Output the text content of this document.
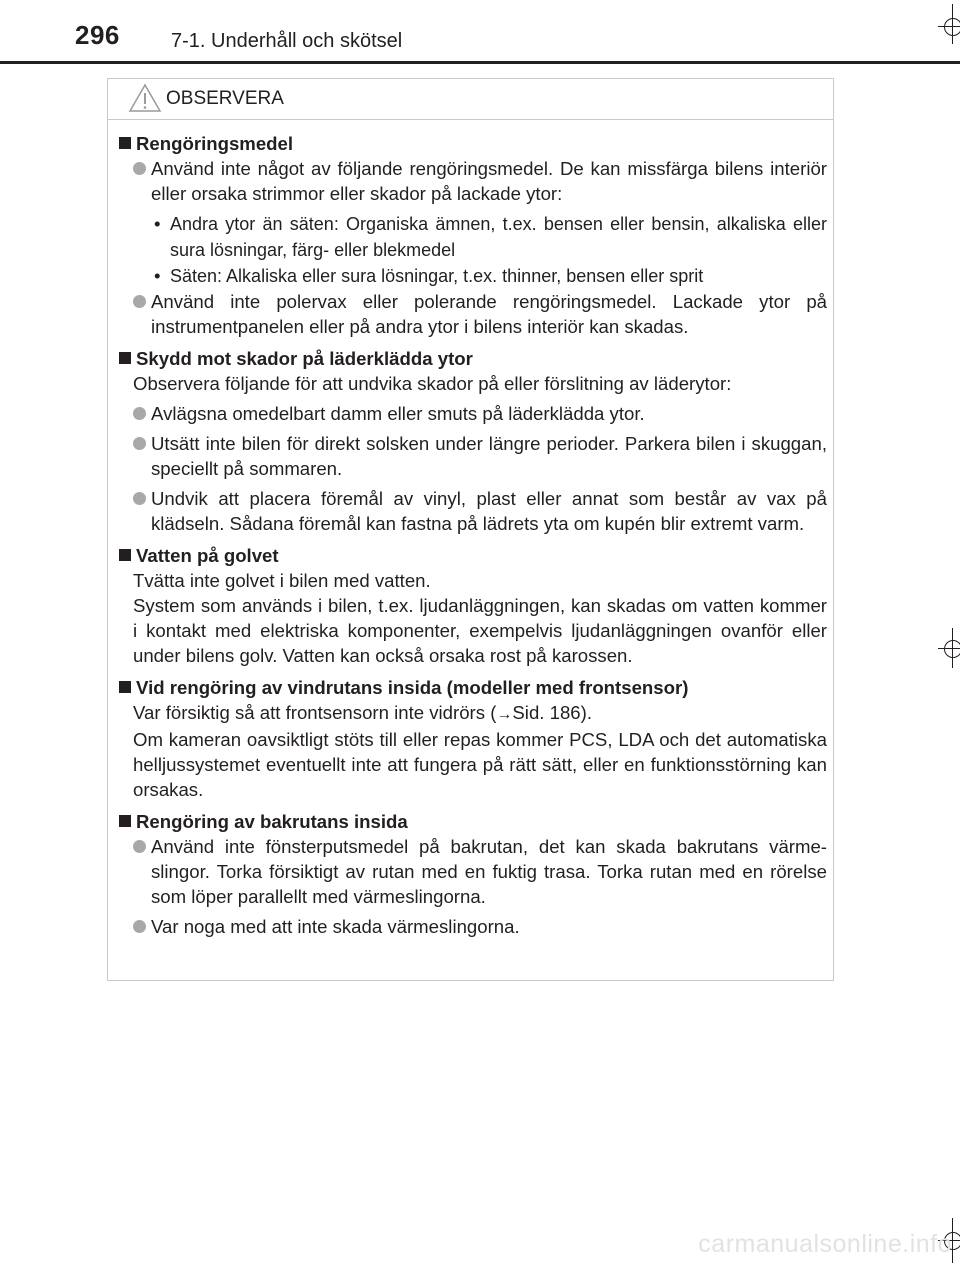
296	7-1. Underhåll och skötsel
OBSERVERA
Rengöringsmedel
Använd inte något av följande rengöringsmedel. De kan missfärga bilens interiör eller orsaka strimmor eller skador på lackade ytor:
• Andra ytor än säten: Organiska ämnen, t.ex. bensen eller bensin, alkaliska eller sura lösningar, färg- eller blekmedel
• Säten: Alkaliska eller sura lösningar, t.ex. thinner, bensen eller sprit
Använd inte polervax eller polerande rengöringsmedel. Lackade ytor på instrumentpanelen eller på andra ytor i bilens interiör kan skadas.
Skydd mot skador på läderklädda ytor
Observera följande för att undvika skador på eller förslitning av läderytor:
Avlägsna omedelbart damm eller smuts på läderklädda ytor.
Utsätt inte bilen för direkt solsken under längre perioder. Parkera bilen i skuggan, speciellt på sommaren.
Undvik att placera föremål av vinyl, plast eller annat som består av vax på klädseln. Sådana föremål kan fastna på lädrets yta om kupén blir extremt varm.
Vatten på golvet
Tvätta inte golvet i bilen med vatten.
System som används i bilen, t.ex. ljudanläggningen, kan skadas om vatten kommer i kontakt med elektriska komponenter, exempelvis ljudanläggningen ovanför eller under bilens golv. Vatten kan också orsaka rost på karossen.
Vid rengöring av vindrutans insida (modeller med frontsensor)
Var försiktig så att frontsensorn inte vidrörs (→Sid. 186).
Om kameran oavsiktligt stöts till eller repas kommer PCS, LDA och det automatiska helljussystemet eventuellt inte att fungera på rätt sätt, eller en funktionsstörning kan orsakas.
Rengöring av bakrutans insida
Använd inte fönsterputsmedel på bakrutan, det kan skada bakrutans värme-slingor. Torka försiktigt av rutan med en fuktig trasa. Torka rutan med en rörelse som löper parallellt med värmeslingorna.
Var noga med att inte skada värmeslingorna.
carmanualsonline.info
